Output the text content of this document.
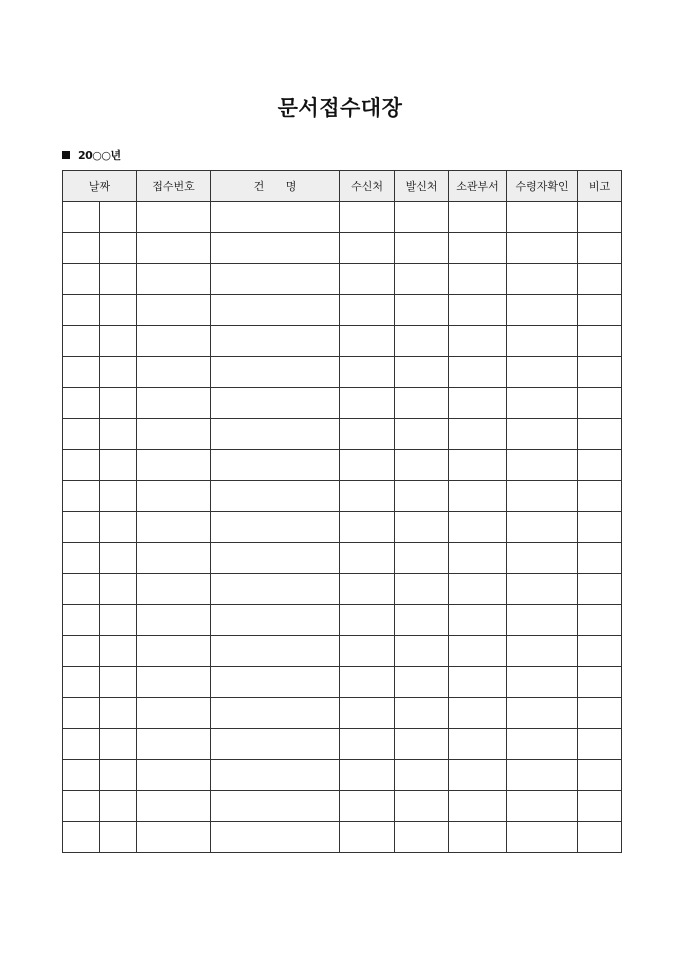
문서접수대장
20○○년
날짜		접수번호	건 명	수신처	발신처	소관부서	수령자확인	비고
